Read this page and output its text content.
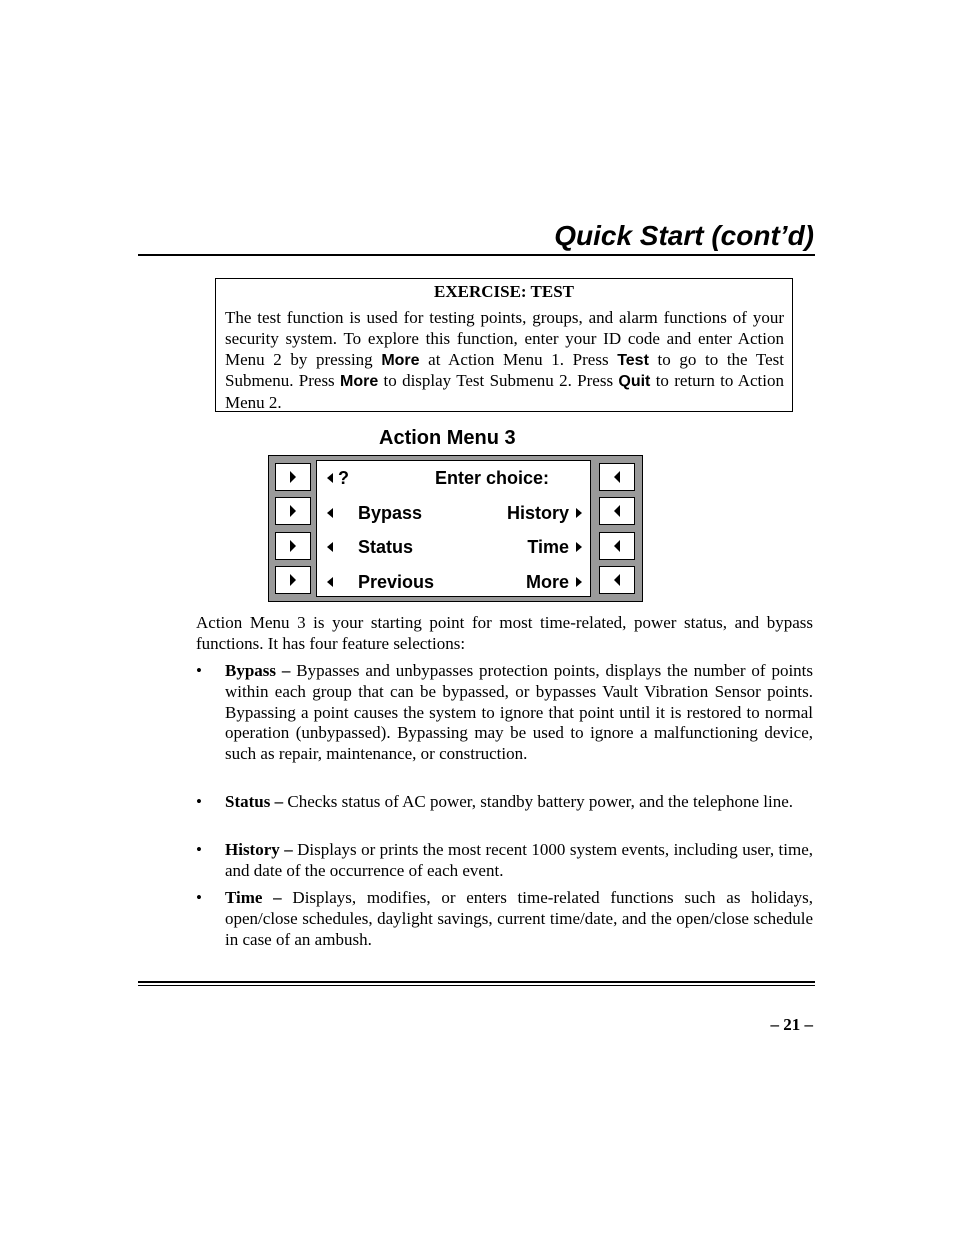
Quick Start (cont’d)
EXERCISE: TEST
The test function is used for testing points, groups, and alarm functions of your security system. To explore this function, enter your ID code and enter Action Menu 2 by pressing More at Action Menu 1. Press Test to go to the Test Submenu. Press More to display Test Submenu 2. Press Quit to return to Action Menu 2.
Action Menu 3
?	Enter choice:
Bypass	History
Status	Time
Previous	More
Action Menu 3 is your starting point for most time-related, power status, and bypass functions. It has four feature selections:
•	Bypass – Bypasses and unbypasses protection points, displays the number of points within each group that can be bypassed, or bypasses Vault Vibration Sensor points. Bypassing a point causes the system to ignore that point until it is restored to normal operation (unbypassed). Bypassing may be used to ignore a malfunctioning device, such as repair, maintenance, or construction.
•	Status – Checks status of AC power, standby battery power, and the telephone line.
•	History – Displays or prints the most recent 1000 system events, including user, time, and date of the occurrence of each event.
•	Time – Displays, modifies, or enters time-related functions such as holidays, open/close schedules, daylight savings, current time/date, and the open/close schedule in case of an ambush.
– 21 –
